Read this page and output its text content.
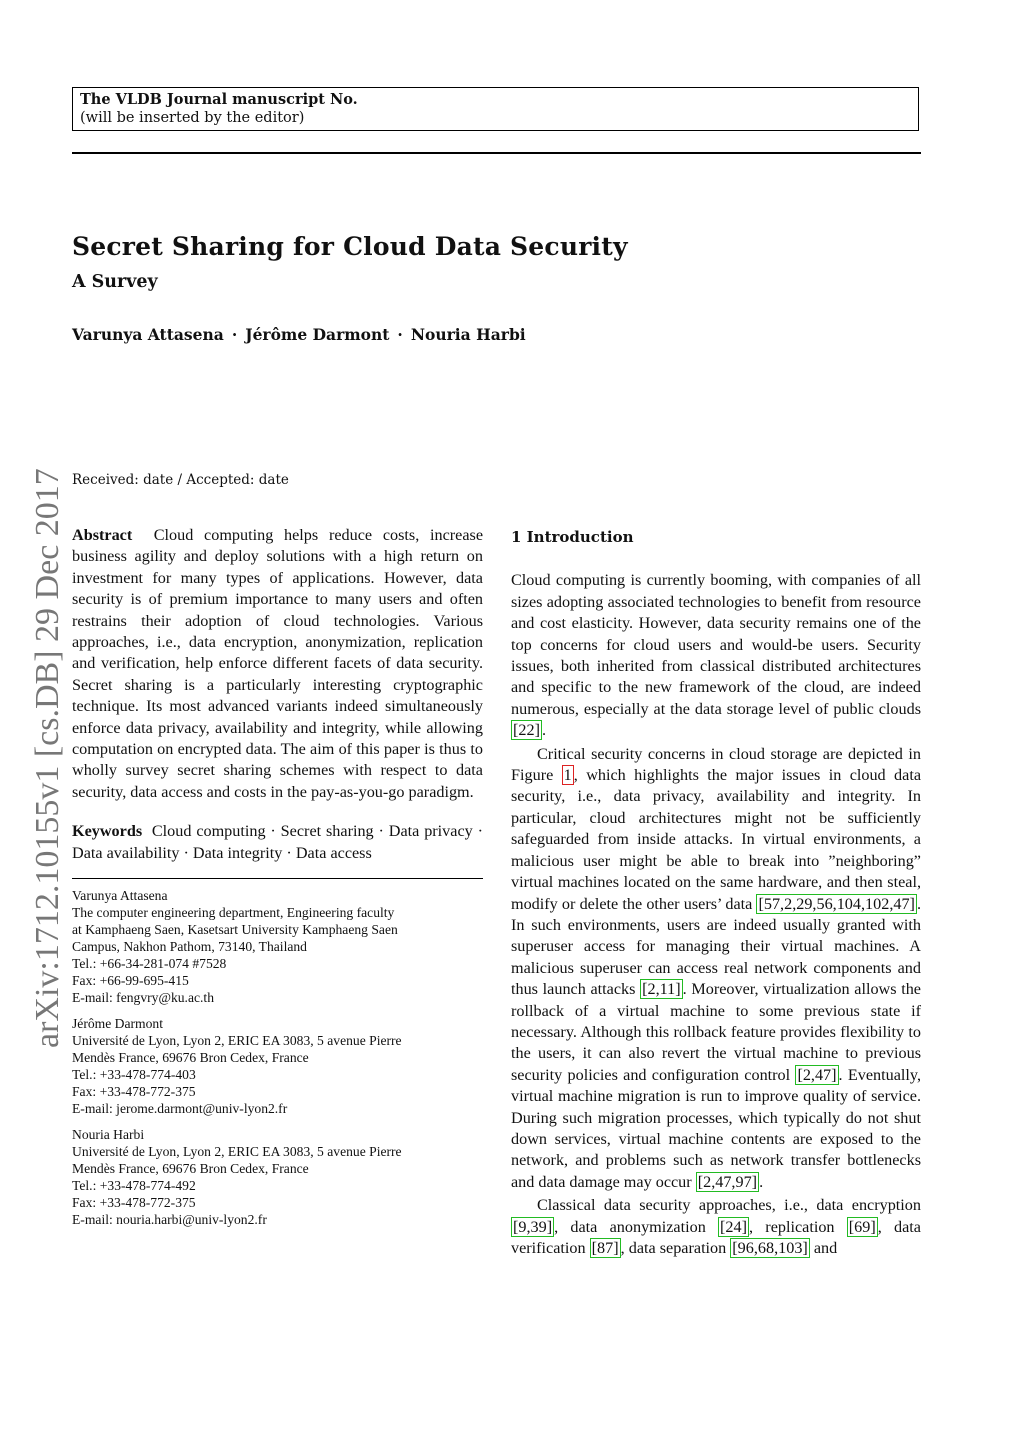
The VLDB Journal manuscript No.
(will be inserted by the editor)
Secret Sharing for Cloud Data Security
A Survey
Varunya Attasena · Jérôme Darmont · Nouria Harbi
Received: date / Accepted: date
arXiv:1712.10155v1 [cs.DB] 29 Dec 2017 Abstract Cloud computing helps reduce costs, increase business agility and deploy solutions with a high return on investment for many types of applications. However, data security is of premium importance to many users and often restrains their adoption of cloud technologies. Various approaches, i.e., data encryption, anonymization, replication and verification, help enforce different facets of data security. Secret sharing is a particularly interesting cryptographic technique. Its most advanced variants indeed simultaneously enforce data privacy, availability and integrity, while allowing computation on encrypted data. The aim of this paper is thus to wholly survey secret sharing schemes with respect to data security, data access and costs in the pay-as-you-go paradigm.

Keywords Cloud computing · Secret sharing · Data privacy · Data availability · Data integrity · Data access

Varunya Attasena
The computer engineering department, Engineering faculty
at Kamphaeng Saen, Kasetsart University Kamphaeng Saen
Campus, Nakhon Pathom, 73140, Thailand
Tel.: +66-34-281-074 #7528
Fax: +66-99-695-415
E-mail: fengvry@ku.ac.th
Jérôme Darmont
Université de Lyon, Lyon 2, ERIC EA 3083, 5 avenue Pierre
Mendès France, 69676 Bron Cedex, France
Tel.: +33-478-774-403
Fax: +33-478-772-375
E-mail: jerome.darmont@univ-lyon2.fr
Nouria Harbi
Université de Lyon, Lyon 2, ERIC EA 3083, 5 avenue Pierre
Mendès France, 69676 Bron Cedex, France
Tel.: +33-478-774-492
Fax: +33-478-772-375
E-mail: nouria.harbi@univ-lyon2.fr
1 Introduction

Cloud computing is currently booming, with companies of all sizes adopting associated technologies to benefit from resource and cost elasticity. However, data security remains one of the top concerns for cloud users and would-be users. Security issues, both inherited from classical distributed architectures and specific to the new framework of the cloud, are indeed numerous, especially at the data storage level of public clouds [22] .

Critical security concerns in cloud storage are depicted in Figure 1 , which highlights the major issues in cloud data security, i.e., data privacy, availability and integrity. In particular, cloud architectures might not be sufficiently safeguarded from inside attacks. In virtual environments, a malicious user might be able to break into ”neighboring” virtual machines located on the same hardware, and then steal, modify or delete the other users’ data [57,2,29,56,104,102,47] . In such environments, users are indeed usually granted with superuser access for managing their virtual machines. A malicious superuser can access real network components and thus launch attacks [2,11] . Moreover, virtualization allows the rollback of a virtual machine to some previous state if necessary. Although this rollback feature provides flexibility to the users, it can also revert the virtual machine to previous security policies and configuration control [2,47] . Eventually, virtual machine migration is run to improve quality of service. During such migration processes, which typically do not shut down services, virtual machine contents are exposed to the network, and problems such as network transfer bottlenecks and data damage may occur [2,47,97] .

Classical data security approaches, i.e., data encryption [9,39] , data anonymization [24] , replication [69] , data verification [87] , data separation [96,68,103] and
